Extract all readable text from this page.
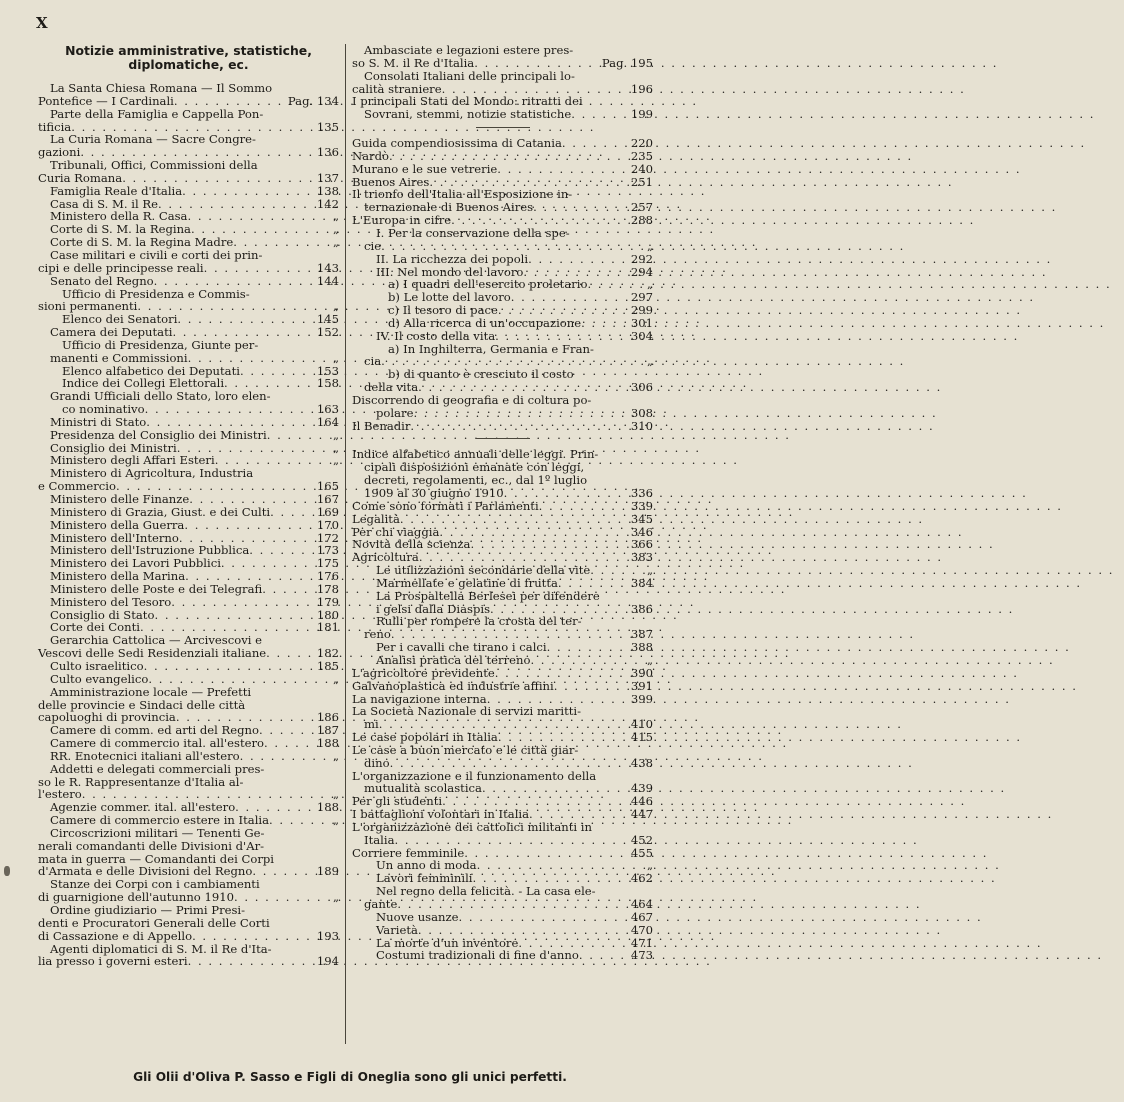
X
Notizie amministrative, statistiche,
diplomatiche, ec.
La Santa Chiesa Romana — Il Sommo
Pontefice — I Cardinali . . .	Pag. 134
Parte della Famiglia e Cappella Pon-
tificia . . .	135
La Curia Romana — Sacre Congre-
gazioni . . .	136
Tribunali, Offici, Commissioni della
Curia Romana . . .	137
Famiglia Reale d'Italia . . .	138
Casa di S. M. il Re . . .	142
Ministero della R. Casa . . .	„
Corte di S. M. la Regina . . .	„
Corte di S. M. la Regina Madre . . .	„
Case militari e civili e corti dei prin-
cipi e delle principesse reali . . .	143
Senato del Regno . . .	144
Ufficio di Presidenza e Commis-
sioni permanenti . . .	„
Elenco dei Senatori . . .	145
Camera dei Deputati . . .	152
Ufficio di Presidenza, Giunte per-
manenti e Commissioni . . .	„
Elenco alfabetico dei Deputati . . .	153
Indice dei Collegi Elettorali . . .	158
Grandi Ufficiali dello Stato, loro elen-
co nominativo . . .	163
Ministri di Stato . . .	164
Presidenza del Consiglio dei Ministri . . .	„
Consiglio dei Ministri . . .	„
Ministero degli Affari Esteri . . .	„
Ministero di Agricoltura, Industria
e Commercio . . .	165
Ministero delle Finanze . . .	167
Ministero di Grazia, Giust. e dei Culti . . .	169
Ministero della Guerra . . .	170
Ministero dell'Interno . . .	172
Ministero dell'Istruzione Pubblica . . .	173
Ministero dei Lavori Pubblici . . .	175
Ministero della Marina . . .	176
Ministero delle Poste e dei Telegrafi . . .	178
Ministero del Tesoro . . .	179
Consiglio di Stato . . .	180
Corte dei Conti . . .	181
Gerarchia Cattolica — Arcivescovi e
Vescovi delle Sedi Residenziali italiane . . .	182
Culto israelitico . . .	185
Culto evangelico . . .	„
Amministrazione locale — Prefetti
delle provincie e Sindaci delle città
capoluoghi di provincia . . .	186
Camere di comm. ed arti del Regno . . .	187
Camere di commercio ital. all'estero . . .	188
RR. Enotecnici italiani all'estero . . .	„
Addetti e delegati commerciali pres-
so le R. Rappresentanze d'Italia al-
l'estero . . .	„
Agenzie commer. ital. all'estero . . .	188
Camere di commercio estere in Italia . . .	„
Circoscrizioni militari — Tenenti Ge-
nerali comandanti delle Divisioni d'Ar-
mata in guerra — Comandanti dei Corpi
d'Armata e delle Divisioni del Regno . . .	189
Stanze dei Corpi con i cambiamenti
di guarnigione dell'autunno 1910 . . .	„
Ordine giudiziario — Primi Presi-
denti e Procuratori Generali delle Corti
di Cassazione e di Appello . . .	193
Agenti diplomatici di S. M. il Re d'Ita-
lia presso i governi esteri . . .	194
Ambasciate e legazioni estere pres-
so S. M. il Re d'Italia . . .	Pag. 195
Consolati Italiani delle principali lo-
calità straniere . . .	196
I principali Stati del Mondo: ritratti dei
Sovrani, stemmi, notizie statistiche . . .	199
Guida compendiosissima di Catania . . .	220
Nardò . . .	235
Murano e le sue vetrerie . . .	240
Buenos Aires . . .	251
Il trionfo dell'Italia all'Esposizione in-
ternazionale di Buenos Aires . . .	257
L'Europa in cifre . . .	288
I. Per la conservazione della spe-
cie . . .	„
II. La ricchezza dei popoli . . .	292
III. Nel mondo del lavoro . . .	294
a) I quadri dell'esercito proletario . . .	„
b) Le lotte del lavoro . . .	297
c) Il tesoro di pace . . .	299
d) Alla ricerca di un'occupazione . . .	301
IV. Il costo della vita . . .	304
a) In Inghilterra, Germania e Fran-
cia . . .	„
b) di quanto è cresciuto il costo
della vita . . .	306
Discorrendo di geografia e di coltura po-
polare . . .	308
Il Benadir . . .	310
Indice alfabetico annuali delle leggi. Prin-
cipali disposizioni emanate con leggi,
decreti, regolamenti, ec., dal 1º luglio
1909 al 30 giugno 1910 . . .	336
Come sono formati i Parlamenti . . .	339
Legalità . . .	345
Per chi viaggia . . .	346
Novità della scienza . . .	366
Agricoltura . . .	383
Le utilizzazioni secondarie della vite . . .	„
Marmellate e gelatine di frutta . . .	384
La Prospaltella Berlesei per difendere
i gelsi dalla Diaspis . . .	386
Rulli per rompere la crosta del ter-
reno . . .	387
Per i cavalli che tirano i calci . . .	388
Analisi pratica del terreno . . .	„
L'agricoltore previdente . . .	390
Galvanoplastica ed industrie affini . . .	391
La navigazione interna . . .	399
La Società Nazionale di servizi maritti-
mi . . .	410
Le case popolari in Italia . . .	415
Le case a buon mercato e le città giar-
dino . . .	438
L'organizzazione e il funzionamento della
mutualità scolastica . . .	439
Per gli studenti . . .	446
I battaglioni volontari in Italia . . .	447
L'organizzazione dei cattolici militanti in
Italia . . .	452
Corriere femminile . . .	455
Un anno di moda . . .	„
Lavori femminili . . .	462
Nel regno della felicità. - La casa ele-
gante . . .	464
Nuove usanze . . .	467
Varietà . . .	470
La morte d'un inventore . . .	471
Costumi tradizionali di fine d'anno . . .	473
Gli Olii d'Oliva P. Sasso e Figli di Oneglia sono gli unici perfetti.
